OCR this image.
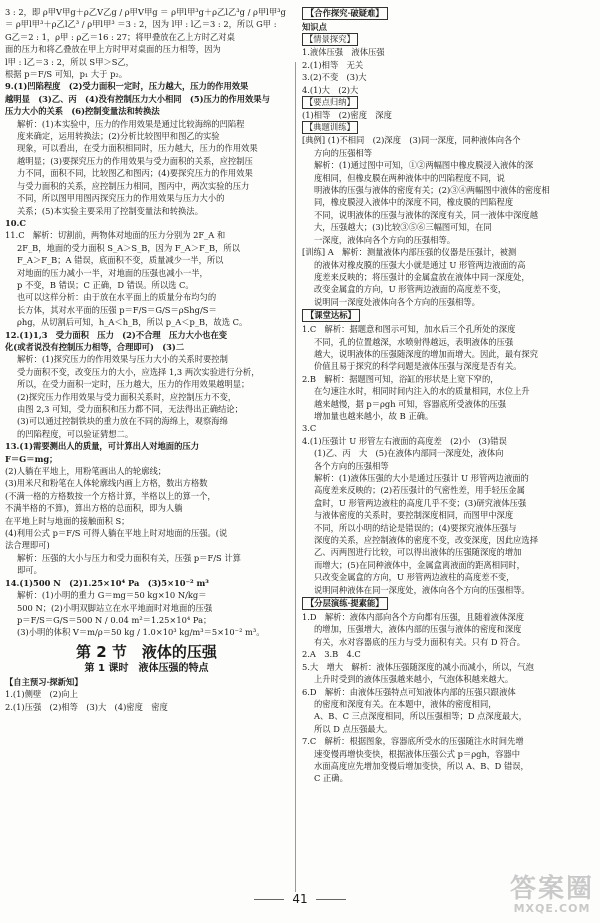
3 : 2，即 ρ甲V甲g＋ρ乙V乙g / ρ甲V甲g ＝ ρ甲l甲³g＋ρ乙l乙³g / ρ甲l甲³g
＝ ρ甲l甲³＋ρ乙l乙³ / ρ甲l甲³ ＝3 : 2，因为 l甲 : l乙＝3 : 2，所以 G甲 :
G乙＝2 : 1，ρ甲 : ρ乙＝16 : 27；将甲叠放在乙上方时乙对桌
面的压力和将乙叠放在甲上方时甲对桌面的压力相等，因为
l甲 : l乙＝3 : 2，所以 S甲＞S乙，
根据 p＝F/S 可知，p₁ 大于 p₂。
9.(1)凹陷程度　(2)受力面积一定时，压力越大，压力的作用效果
越明显　(3)乙、丙　(4)没有控制压力大小相同　(5)压力的作用效果与
压力大小的关系　(6)控制变量法和转换法
解析：(1)本实验中，压力的作用效果是通过比较海绵的凹陷程
度来确定，运用转换法；(2)分析比较图甲和图乙的实验
现象，可以看出，在受力面积相同时，压力越大，压力的作用效果
越明显；(3)要探究压力的作用效果与受力面积的关系，应控制压
力不同，面积不同，比较图乙和图丙；(4)要探究压力的作用效果
与受力面积的关系，应控制压力相同，图丙中，两次实验的压力
不同，所以图甲用图丙探究压力的作用效果与压力大小的
关系；(5)本实验主要采用了控制变量法和转换法。
10.C
11.C　解析：切割前，两物体对地面的压力分别为 2F_A 和
2F_B，地面的受力面积 S_A＞S_B，因为 F_A＞F_B，所以
F_A＞F_B；A 错误，底面积不变，质量减少一半，所以
对地面的压力减小一半，对地面的压强也减小一半，
p 不变，B 错误；C 正确，D 错误。所以选 C。
也可以这样分析：由于放在水平面上的质量分布均匀的
长方体，其对水平面的压强 p＝F/S＝G/S＝ρShg/S＝
ρhg，从切割后可知，h_A＜h_B，所以 p_A＜p_B，故选 C。
12.(1)1,3　受力面积　压力　(2)不合理　压力大小也在变
化(或者说没有控制压力相等，合理即可)　(3)二
解析：(1)探究压力的作用效果与压力大小的关系时要控制
受力面积不变，改变压力的大小，应选择 1,3 两次实验进行分析，
所以，在受力面积一定时，压力越大，压力的作用效果越明显；
(2)探究压力作用效果与受力面积关系时，应控制压力不变，
由图 2,3 可知，受力面积和压力都不同，无法得出正确结论；
(3)可以通过控制铁块的重力放在不同的海绵上，观察海绵
的凹陷程度，可以验证猜想二。
13.(1)需要测出人的质量，可计算出人对地面的压力
F＝G＝mg；
(2)人躺在平地上，用粉笔画出人的轮廓线；
(3)用米尺和粉笔在人体轮廓线内画上方格，数出方格数
(不满一格的方格数按一个方格计算，半格以上的算一个，
不满半格的不算)，算出方格的总面积，即为人躺
在平地上时与地面的接触面积 S；
(4)利用公式 p＝F/S 可得人躺在平地上时对地面的压强。(说
法合理即可)
解析：压强的大小与压力和受力面积有关，压强 p＝F/S 计算
即可。
14.(1)500 N　(2)1.25×10⁴ Pa　(3)5×10⁻² m³
解析：(1)小明的重力 G＝mg＝50 kg×10 N/kg＝
500 N；(2)小明双脚站立在水平地面时对地面的压强
p＝F/S＝G/S＝500 N / 0.04 m²＝1.25×10⁴ Pa；
(3)小明的体积 V＝m/ρ＝50 kg / 1.0×10³ kg/m³＝5×10⁻² m³。
第 2 节　液体的压强
第 1 课时　液体压强的特点
【自主预习·探新知】
1.(1)侧壁　(2)向上
2.(1)压强　(2)相等　(3)大　(4)密度　密度
【合作探究·破疑难】
知识点
【情景探究】
1.液体压强　液体压强
2.(1)相等　无关
3.(2)不变　(3)大
4.(1)大　(2)大
【要点归纳】
(1)相等　(2)密度　深度
【典题训练】
[典例] (1)不相同　(2)深度　(3)同一深度，同种液体向各个
方向的压强相等
解析：(1)通过图中可知，①②两幅图中橡皮膜浸入液体的深
度相同，但橡皮膜在两种液体中的凹陷程度不同，说
明液体的压强与液体的密度有关；(2)③④两幅图中液体的密度相
同，橡皮膜浸入液体中的深度不同，橡皮膜的凹陷程度
不同，说明液体的压强与液体的深度有关，同一液体中深度越
大，压强越大；(3)比较③⑤⑥三幅图可知，在同
一深度，液体向各个方向的压强相等。
[训练] A　解析：测量液体内部压强的仪器是压强计，被测
的液体对橡皮膜的压强大小就是通过 U 形管两边液面的高
度差来反映的；将压强计的金属盒放在液体中同一深度处，
改变金属盒的方向，U 形管两边液面的高度差不变，
说明同一深度处液体向各个方向的压强相等。
【课堂达标】
1.C　解析：据题意和图示可知，加水后三个孔所处的深度
不同，孔的位置越深，水喷射得越远，表明液体的压强
越大，说明液体的压强随深度的增加而增大。因此，最有探究
价值且易于探究的科学问题是液体压强与深度是否有关。
2.B　解析：据题图可知，浴缸的形状是上宽下窄的，
在匀速注水时，相同时间内注入的水的质量相同，水位上升
越来越慢，据 p＝ρgh 可知，容器底所受液体的压强
增加量也越来越小，故 B 正确。
3.C
4.(1)压强计 U 形管左右液面的高度差　(2)小　(3)错误
(1)乙、丙　大　(5)在液体内部同一深度处，液体向
各个方向的压强相等
解析：(1)液体压强的大小是通过压强计 U 形管两边液面的
高度差来反映的；(2)若压强计的气密性差，用手轻压金属
盒时，U 形管两边液柱的高度几乎不变；(3)研究液体压强
与液体密度的关系时，要控制深度相同，而图甲中深度
不同，所以小明的结论是错误的；(4)要探究液体压强与
深度的关系，应控制液体的密度不变，改变深度，因此应选择
乙、丙两图进行比较，可以得出液体的压强随深度的增加
而增大；(5)在同种液体中，金属盒离液面的距离相同时，
只改变金属盒的方向，U 形管两边液柱的高度差不变，
说明同种液体在同一深度处，液体向各个方向的压强相等。
【分层演练·提素能】
1.D　解析：液体内部向各个方向都有压强，且随着液体深度
的增加，压强增大，液体内部的压强与液体的密度和深度
有关，水对容器底的压力与受力面积有关。只有 D 符合。
2.A　3.B　4.C
5.大　增大　解析：液体压强随深度的减小而减小，所以，气泡
上升时受到的液体压强越来越小，气泡体积越来越大。
6.D　解析：由液体压强特点可知液体内部的压强只跟液体
的密度和深度有关。在本题中，液体的密度相同，
A、B、C 三点深度相同，所以压强相等；D 点深度最大，
所以 D 点压强最大。
7.C　解析：根据图象，容器底所受水的压强随注水时间先增
速变慢再增快变快，根据液体压强公式 p＝ρgh，容器中
水面高度应先增加变慢后增加变快，所以 A、B、D 错误，
C 正确。
41	答案圈
MXQE.COM
